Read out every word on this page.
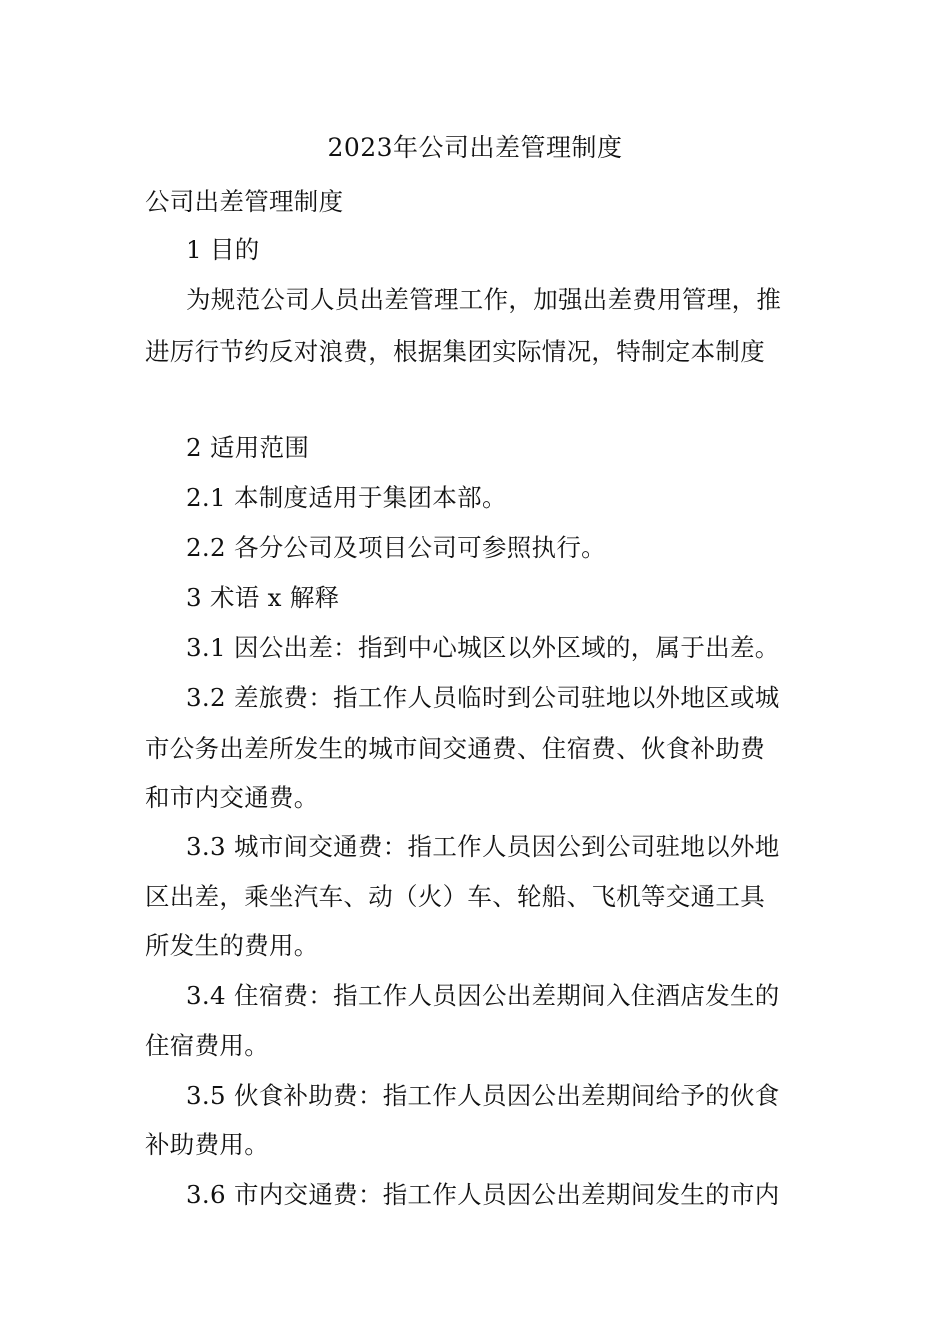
2023年公司出差管理制度
公司出差管理制度
1 目的
为规范公司人员出差管理工作，加强出差费用管理，推
进厉行节约反对浪费，根据集团实际情况，特制定本制度
2 适用范围
2.1 本制度适用于集团本部。
2.2 各分公司及项目公司可参照执行。
3 术语 x 解释
3.1 因公出差：指到中心城区以外区域的，属于出差。
3.2 差旅费：指工作人员临时到公司驻地以外地区或城
市公务出差所发生的城市间交通费、住宿费、伙食补助费
和市内交通费。
3.3 城市间交通费：指工作人员因公到公司驻地以外地
区出差，乘坐汽车、动（火）车、轮船、飞机等交通工具
所发生的费用。
3.4 住宿费：指工作人员因公出差期间入住酒店发生的
住宿费用。
3.5 伙食补助费：指工作人员因公出差期间给予的伙食
补助费用。
3.6 市内交通费：指工作人员因公出差期间发生的市内
